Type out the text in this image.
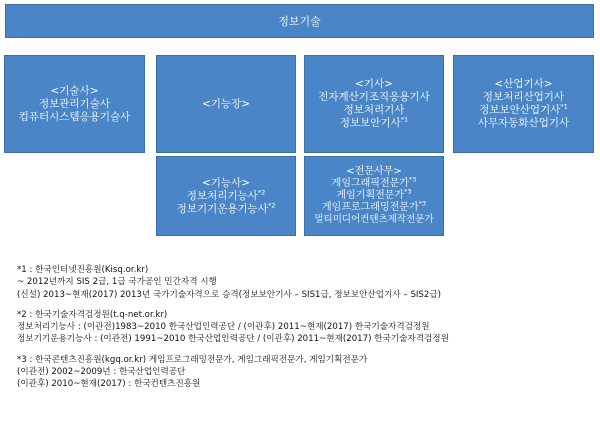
정보기술
<기술사>
정보관리기술사
컴퓨터시스템응용기술사
<기능장>
<기사>
전자계산기조직응용기사
정보처리기사
정보보안기사$^{*1}$
<산업기사>
정보처리산업기사
정보보안산업기사$^{*1}$
사무자동화산업기사
<기능사>
정보처리기능사$^{*2}$
정보기기운용기능사$^{*2}$
<전문사무>
게임그래픽전문가$^{*3}$
게임기획전문가$^{*3}$
게임프로그래밍전문가$^{*3}$
멀티미디어컨텐츠제작전문가
*1 : 한국인터넷진흥원(Kisq.or.kr)
~ 2012년까지 SIS 2급, 1급 국가공인 민간자격 시행
(신설) 2013~현재(2017) 2013년 국가기술자격으로 승격(정보보안기사 – SIS1급, 정보보안산업기사 – SIS2급)
*2 : 한국기술자격검정원(t.q-net.or.kr)
정보처리기능사 : (이관전)1983~2010 한국산업인력공단 / (이관후) 2011~현재(2017) 한국기술자격검정원
정보기기운용기능사 : (이관전) 1991~2010 한국산업인력공단 / (이관후) 2011~현재(2017) 한국기술자격검정원
*3 : 한국콘텐츠진흥원(kgq.or.kr) 게임프로그래밍전문가, 게임그래픽전문가, 게임기획전문가
(이관전) 2002~2009년 : 한국산업인력공단
(이관후) 2010~현재(2017) : 한국컨텐츠진흥원
